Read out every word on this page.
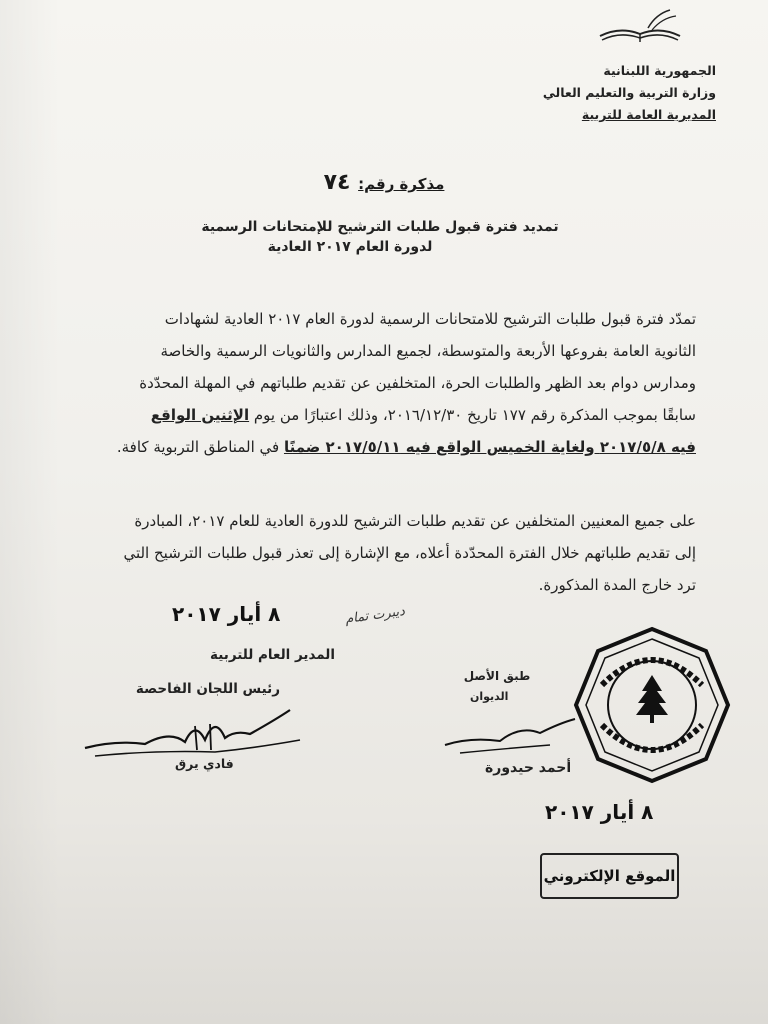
الجمهورية اللبنانية
وزارة التربية والتعليم العالي
المديرية العامة للتربية
مذكرة رقم: ٧٤
تمديد فترة قبول طلبات الترشيح للإمتحانات الرسمية
لدورة العام ٢٠١٧ العادية
تمدّد فترة قبول طلبات الترشيح للامتحانات الرسمية لدورة العام ٢٠١٧ العادية لشهادات
الثانوية العامة بفروعها الأربعة والمتوسطة، لجميع المدارس والثانويات الرسمية والخاصة
ومدارس دوام بعد الظهر والطلبات الحرة، المتخلفين عن تقديم طلباتهم في المهلة المحدّدة
سابقًا بموجب المذكرة رقم ١٧٧ تاريخ ٢٠١٦/١٢/٣٠، وذلك اعتبارًا من يوم الإثنين الواقع
فيه ٢٠١٧/٥/٨ ولغاية الخميس الواقع فيه ٢٠١٧/٥/١١ ضمنًا في المناطق التربوية كافة.
على جميع المعنيين المتخلفين عن تقديم طلبات الترشيح للدورة العادية للعام ٢٠١٧، المبادرة
إلى تقديم طلباتهم خلال الفترة المحدّدة أعلاه، مع الإشارة إلى تعذر قبول طلبات الترشيح التي
ترد خارج المدة المذكورة.
٨ أيار ٢٠١٧	ديبرت تمام
المدير العام للتربية
رئيس اللجان الفاحصة
فادي يرق
طبق الأصل
الديوان
أحمد حيدورة
٨ أيار ٢٠١٧
الموقع الإلكتروني
